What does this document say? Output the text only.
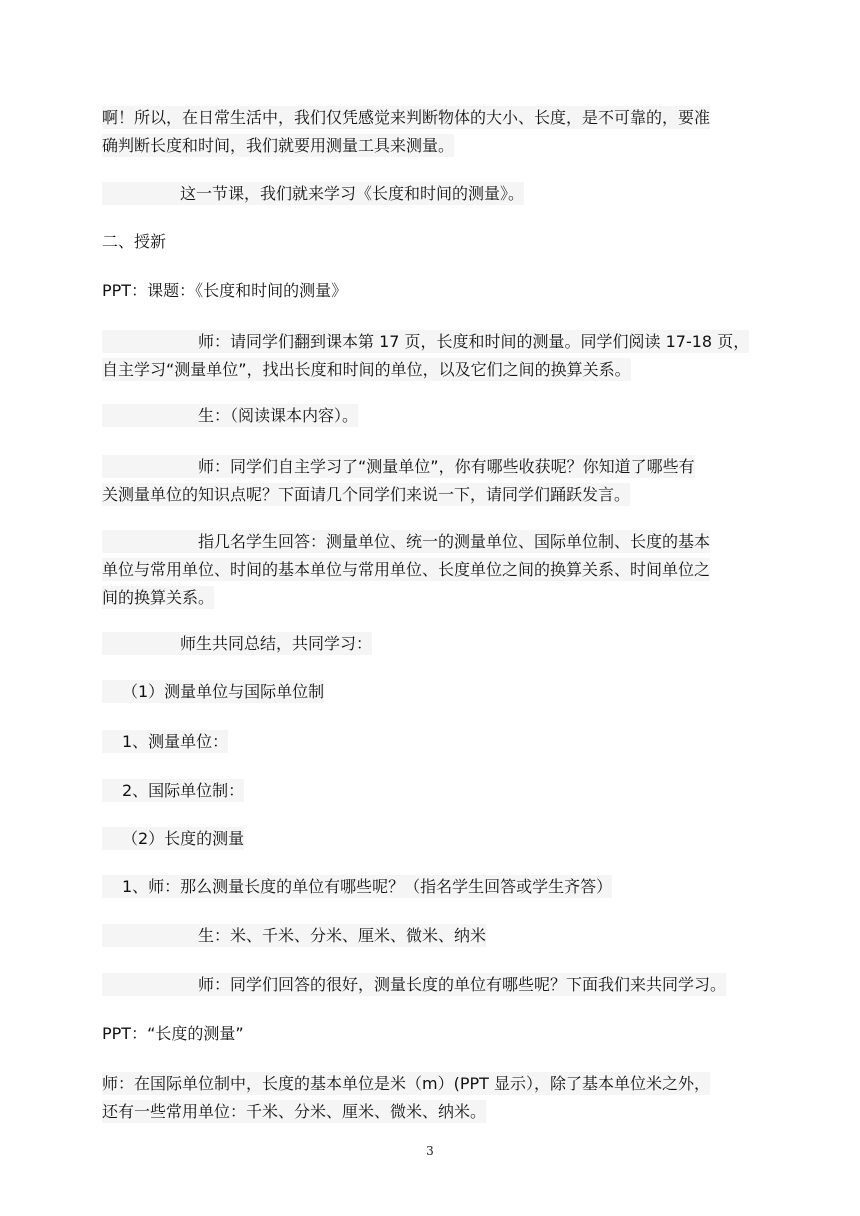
啊！所以，在日常生活中，我们仅凭感觉来判断物体的大小、长度，是不可靠的，要准
确判断长度和时间，我们就要用测量工具来测量。
这一节课，我们就来学习《长度和时间的测量》。
二、授新
PPT：课题：《长度和时间的测量》
师：请同学们翻到课本第 17 页，长度和时间的测量。同学们阅读 17-18 页，
自主学习“测量单位”，找出长度和时间的单位，以及它们之间的换算关系。
生：（阅读课本内容）。
师：同学们自主学习了“测量单位”，你有哪些收获呢？你知道了哪些有
关测量单位的知识点呢？下面请几个同学们来说一下，请同学们踊跃发言。
指几名学生回答：测量单位、统一的测量单位、国际单位制、长度的基本
单位与常用单位、时间的基本单位与常用单位、长度单位之间的换算关系、时间单位之
间的换算关系。
师生共同总结，共同学习：
（1）测量单位与国际单位制
1、测量单位：
2、国际单位制：
（2）长度的测量
1、师：那么测量长度的单位有哪些呢？（指名学生回答或学生齐答）
生：米、千米、分米、厘米、微米、纳米
师：同学们回答的很好，测量长度的单位有哪些呢？下面我们来共同学习。
PPT：“长度的测量”
师：在国际单位制中，长度的基本单位是米（m）(PPT 显示），除了基本单位米之外，
还有一些常用单位：千米、分米、厘米、微米、纳米。
3
